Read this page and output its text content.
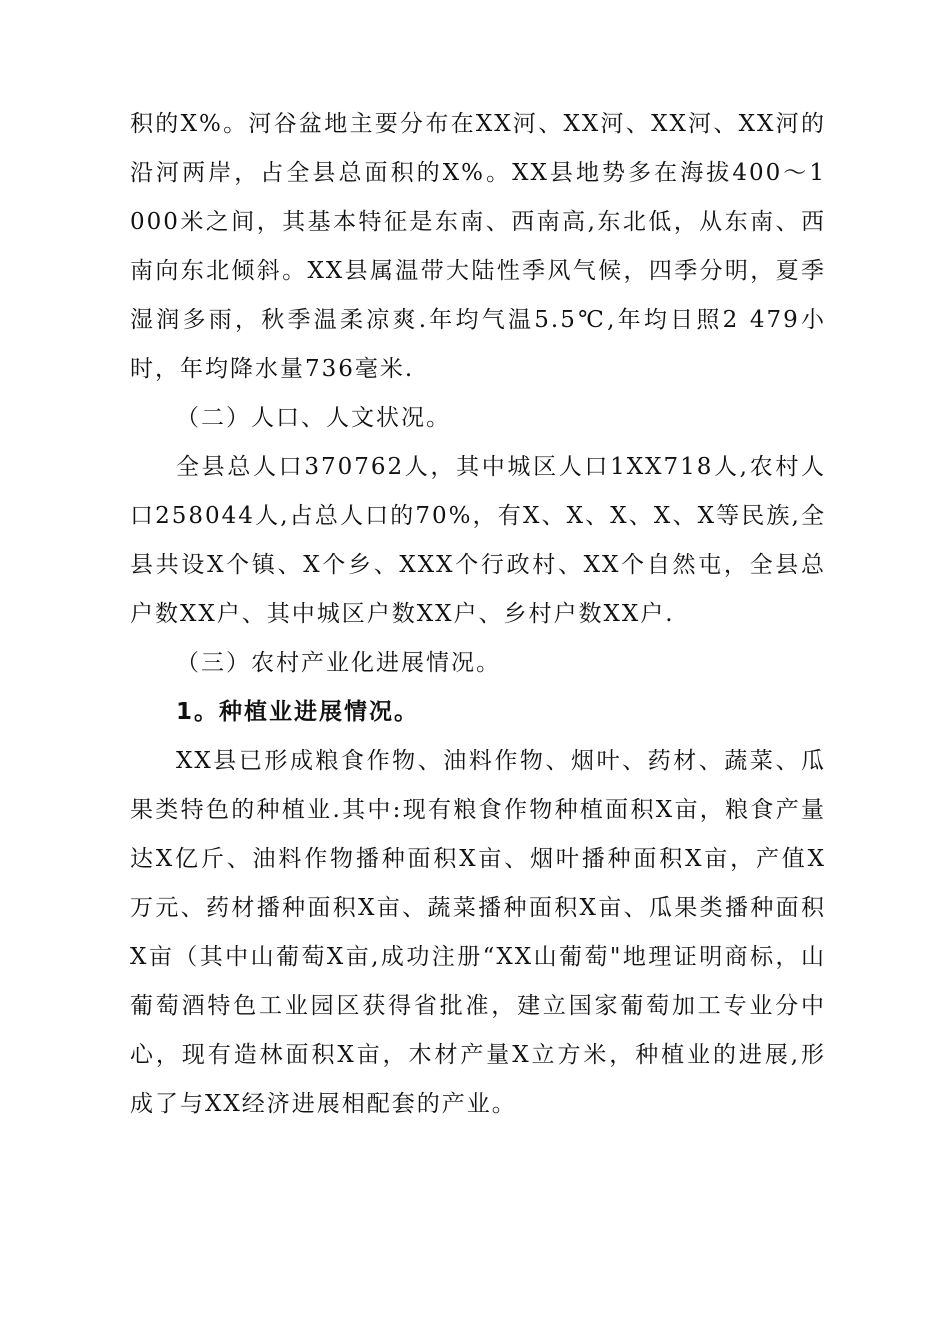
积的X%。河谷盆地主要分布在XX河、XX河、XX河、XX河的沿河两岸，占全县总面积的X%。XX县地势多在海拔400～1 000米之间，其基本特征是东南、西南高,东北低，从东南、西南向东北倾斜。XX县属温带大陆性季风气候，四季分明，夏季湿润多雨，秋季温柔凉爽.年均气温5.5℃,年均日照2 479小时，年均降水量736毫米.

（二）人口、人文状况。

全县总人口370762人，其中城区人口1XX718人,农村人口258044人,占总人口的70%，有X、X、X、X、X等民族,全县共设X个镇、X个乡、XXX个行政村、XX个自然屯，全县总户数XX户、其中城区户数XX户、乡村户数XX户.

（三）农村产业化进展情况。

1。种植业进展情况。

XX县已形成粮食作物、油料作物、烟叶、药材、蔬菜、瓜果类特色的种植业.其中:现有粮食作物种植面积X亩，粮食产量达X亿斤、油料作物播种面积X亩、烟叶播种面积X亩，产值X万元、药材播种面积X亩、蔬菜播种面积X亩、瓜果类播种面积X亩（其中山葡萄X亩,成功注册“XX山葡萄"地理证明商标，山葡萄酒特色工业园区获得省批准，建立国家葡萄加工专业分中心，现有造林面积X亩，木材产量X立方米，种植业的进展,形成了与XX经济进展相配套的产业。
